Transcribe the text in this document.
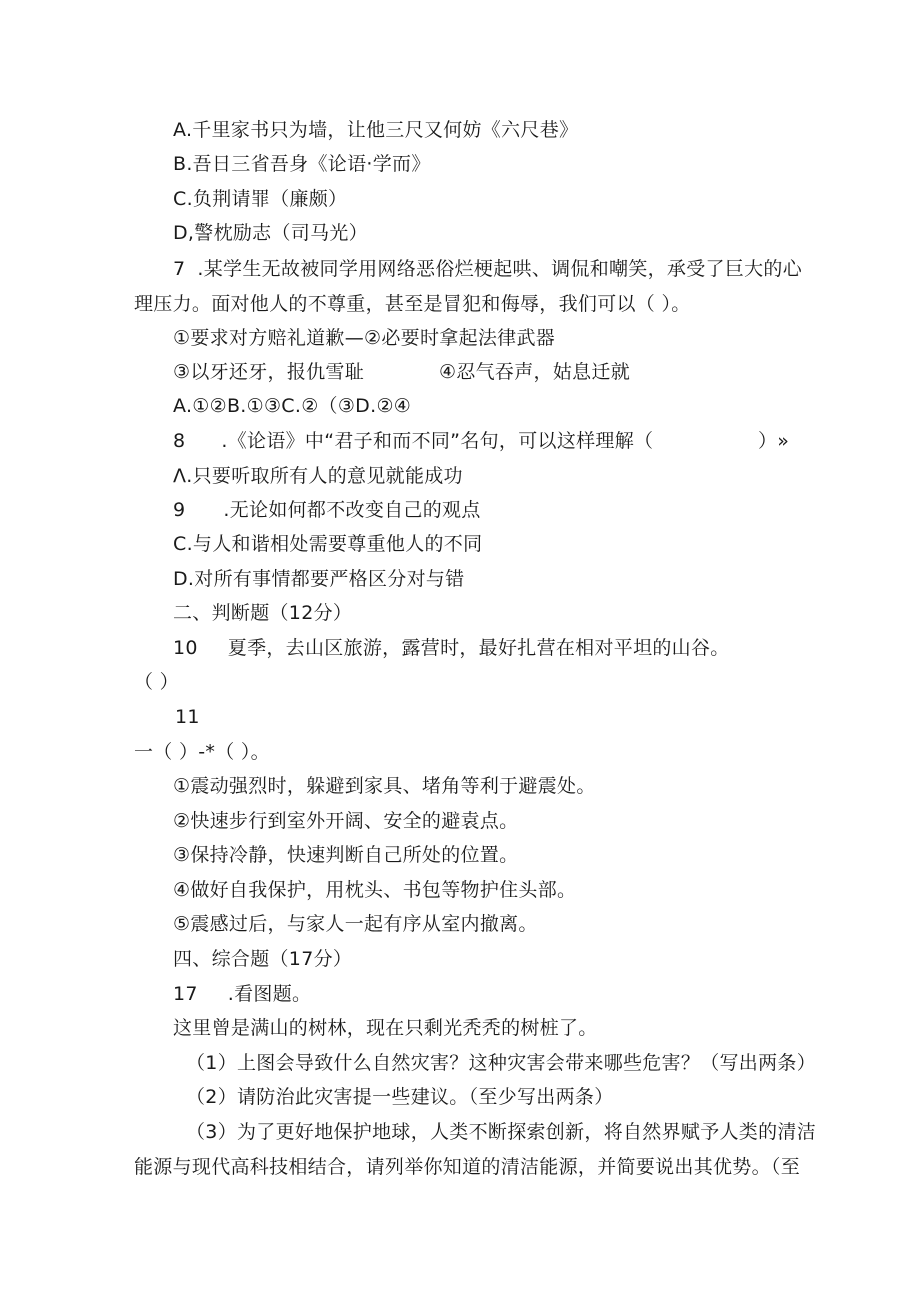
A.千里家书只为墙，让他三尺又何妨《六尺巷》
B.吾日三省吾身《论语·学而》
C.负荆请罪（廉颇）
D,警枕励志（司马光）
7 .某学生无故被同学用网络恶俗烂梗起哄、调侃和嘲笑，承受了巨大的心
理压力。面对他人的不尊重，甚至是冒犯和侮辱，我们可以（ ）。
①要求对方赔礼道歉—②必要时拿起法律武器
③以牙还牙，报仇雪耻	④忍气吞声，姑息迁就
A.①②B.①③C.②（③D.②④
8 .《论语》中“君子和而不同”名句，可以这样理解（	）»
Λ.只要听取所有人的意见就能成功
9 .无论如何都不改变自己的观点
C.与人和谐相处需要尊重他人的不同
D.对所有事情都要严格区分对与错
二、判断题（12分）
10 夏季，去山区旅游，露营时，最好扎营在相对平坦的山谷。
（ ）
11
一（ ）-*（ ）。
①震动强烈时，躲避到家具、堵角等利于避震处。
②快速步行到室外开阔、安全的避袁点。
③保持冷静，快速判断自己所处的位置。
④做好自我保护，用枕头、书包等物护住头部。
⑤震感过后，与家人一起有序从室内撤离。
四、综合题（17分）
17 .看图题。
这里曾是满山的树林，现在只剩光秃秃的树桩了。
（1）上图会导致什么自然灾害？这种灾害会带来哪些危害？（写出两条）
（2）请防治此灾害提一些建议。（至少写出两条）
（3）为了更好地保护地球，人类不断探索创新，将自然界赋予人类的清洁
能源与现代高科技相结合，请列举你知道的清洁能源，并简要说出其优势。（至
